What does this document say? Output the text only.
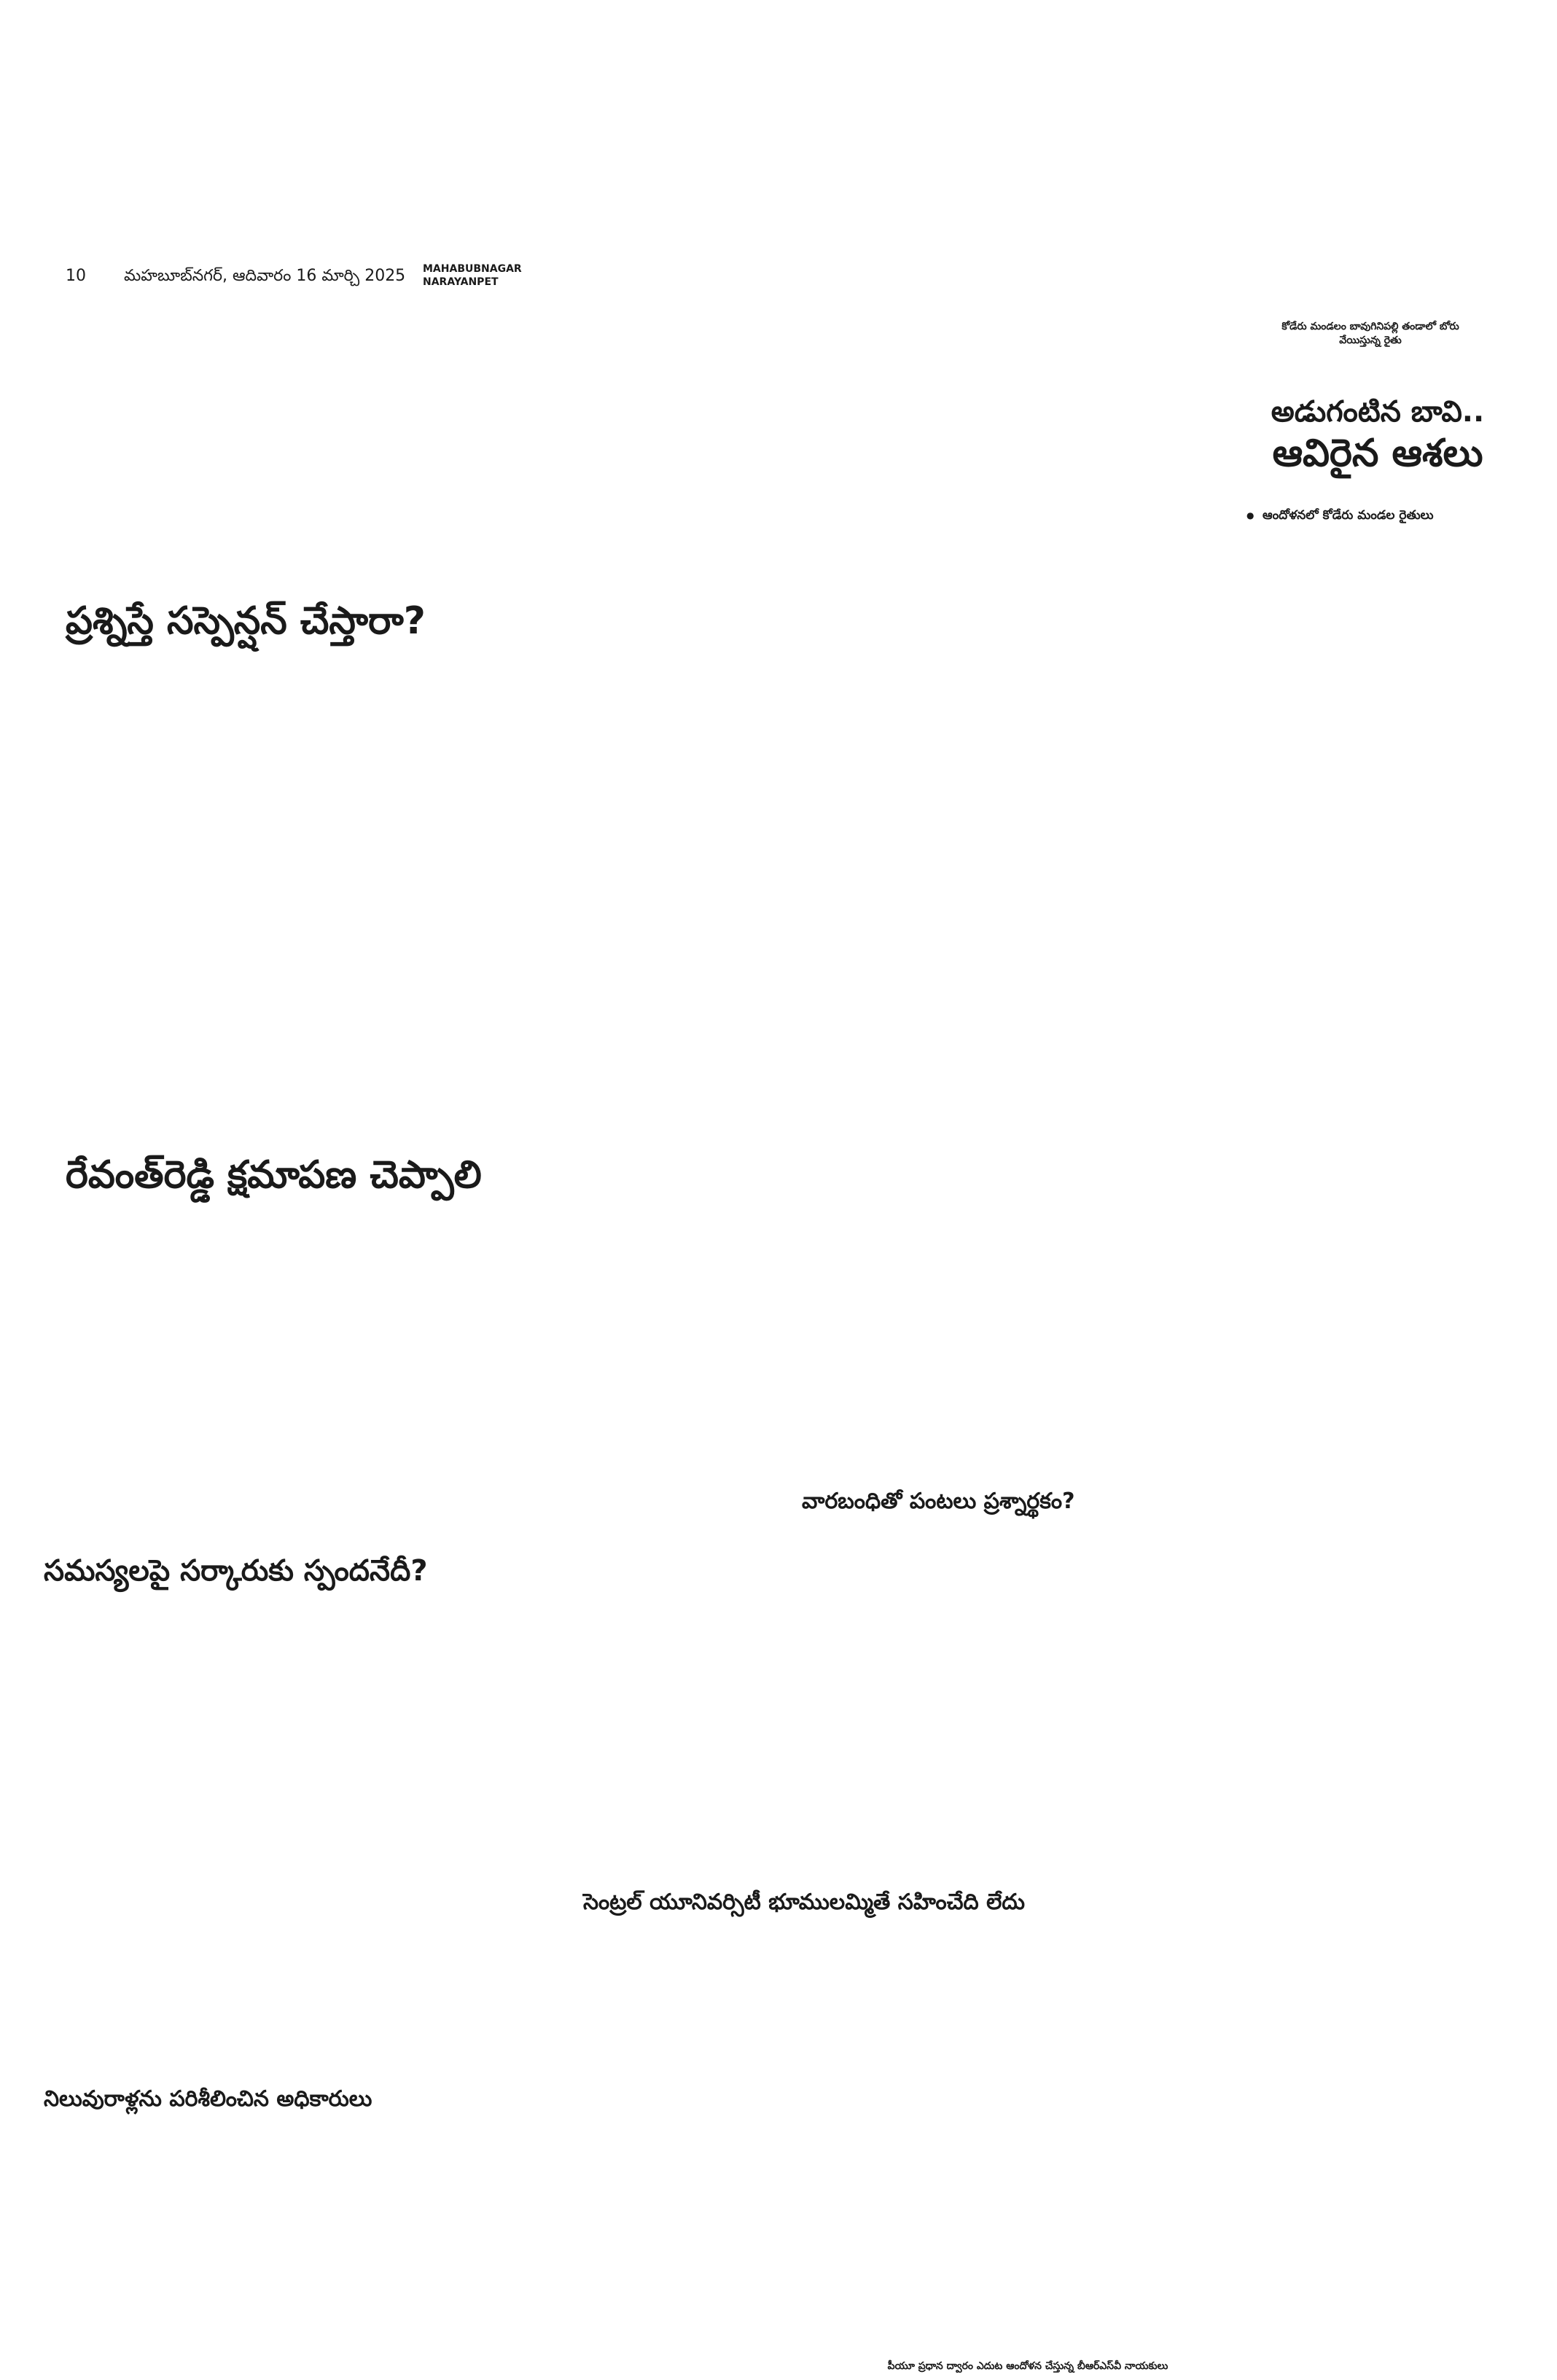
10 మహబూబ్‌నగర్, ఆదివారం 16 మార్చి 2025 MAHABUBNAGAR
NARAYANPET
కోడేరు మండలం బావుగినిపల్లి తండాలో బోరు వేయిస్తున్న రైతు
అడుగంటిన బావి..
ఆవిరైన ఆశలు
● ఆందోళనలో కోడేరు మండల రైతులు
ప్రశ్నిస్తే సస్పెన్షన్ చేస్తారా?
రేవంత్‌రెడ్డి క్షమాపణ చెప్పాలి
సమస్యలపై సర్కారుకు స్పందనేదీ?
వారబంధితో పంటలు ప్రశ్నార్థకం?
సెంట్రల్ యూనివర్సిటీ భూములమ్మితే సహించేది లేదు
నిలువురాళ్లను పరిశీలించిన అధికారులు
పీయూ ప్రధాన ద్వారం ఎదుట ఆందోళన చేస్తున్న బీఆర్‌ఎస్‌వీ నాయకులు
